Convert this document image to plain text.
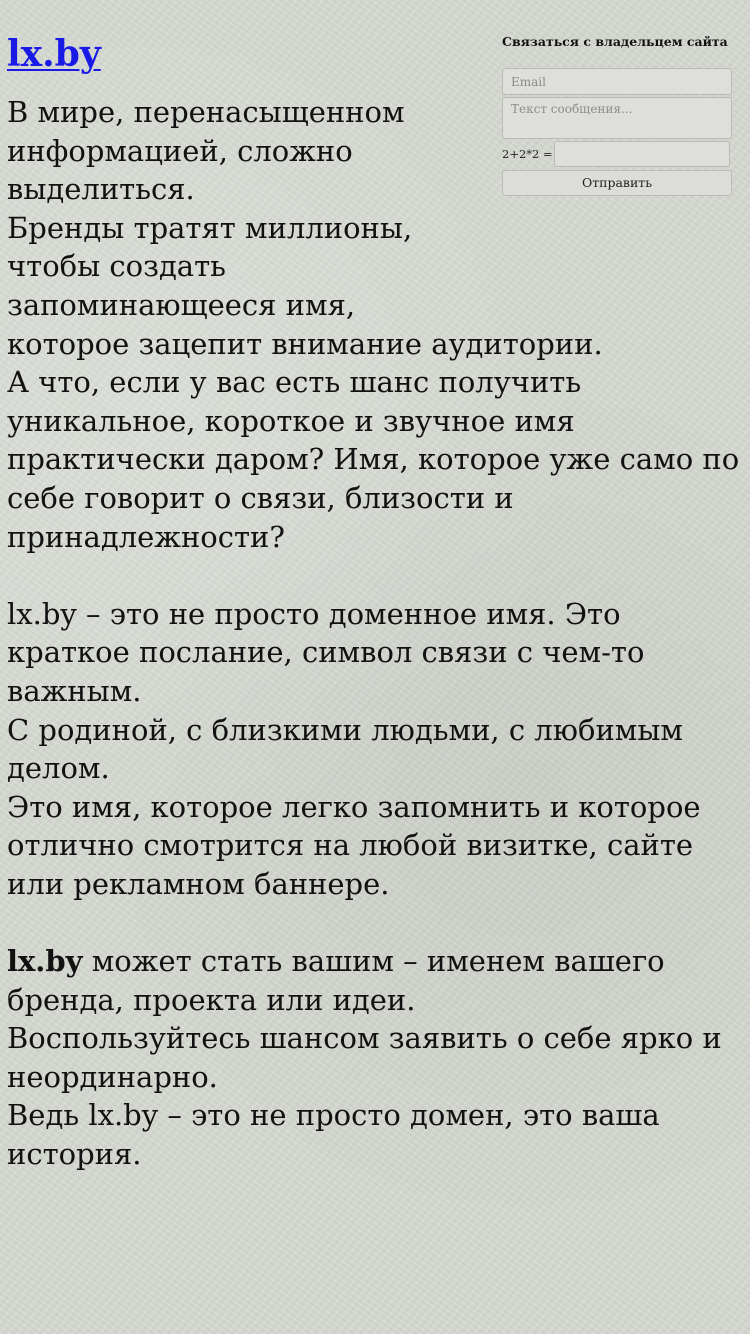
lx.by	Связаться с владельцем сайта
Email
Текст сообщения...
2+2*2 =
Отправить

В мире, перенасыщенном информацией, сложно выделиться.

Бренды тратят миллионы, чтобы создать запоминающееся имя, которое зацепит внимание аудитории.

А что, если у вас есть шанс получить уникальное, короткое и звучное имя практически даром? Имя, которое уже само по себе говорит о связи, близости и принадлежности?

lx.by – это не просто доменное имя. Это краткое послание, символ связи с чем-то важным.

С родиной, с близкими людьми, с любимым делом.

Это имя, которое легко запомнить и которое отлично смотрится на любой визитке, сайте или рекламном баннере.

lx.by может стать вашим – именем вашего бренда, проекта или идеи.

Воспользуйтесь шансом заявить о себе ярко и неординарно.

Ведь lx.by – это не просто домен, это ваша история.
